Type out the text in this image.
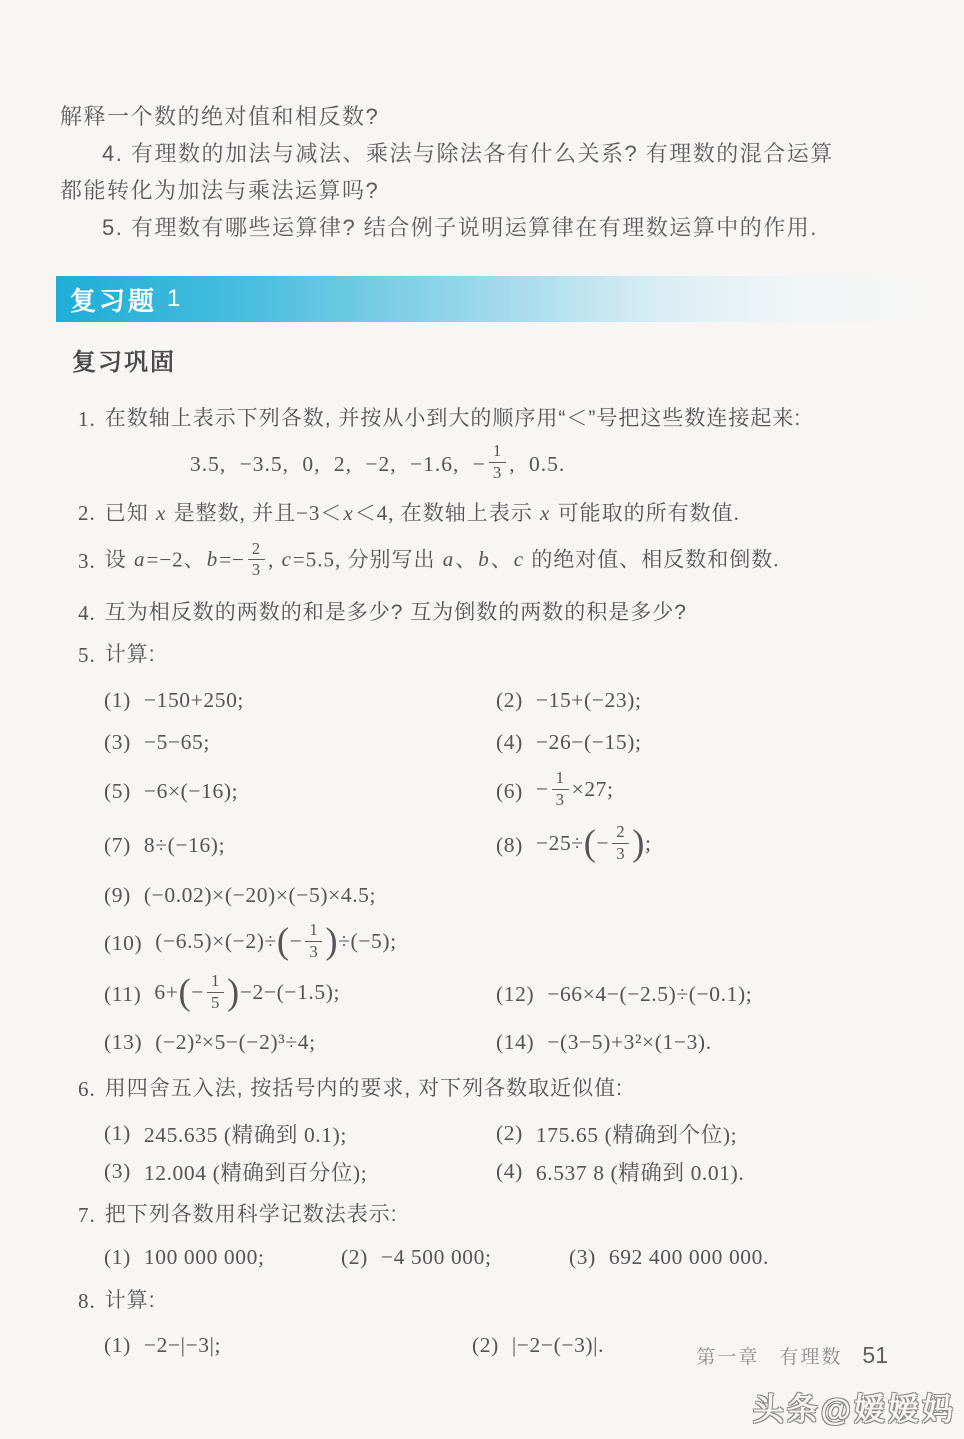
解释一个数的绝对值和相反数?
4. 有理数的加法与减法、乘法与除法各有什么关系? 有理数的混合运算
都能转化为加法与乘法运算吗?
5. 有理数有哪些运算律? 结合例子说明运算律在有理数运算中的作用.
复习题 1
复习巩固
1. 在数轴上表示下列各数, 并按从小到大的顺序用“＜”号把这些数连接起来:
3.5, −3.5, 0, 2, −2, −1.6, − $\frac{1}{3}$ , 0.5.
2. 已知 x 是整数, 并且−3＜x＜4, 在数轴上表示 x 可能取的所有数值.
3. 设 a=−2、$b=- \frac{2}{3}$ , c=5.5, 分别写出 a、b、c 的绝对值、相反数和倒数.
4. 互为相反数的两数的和是多少? 互为倒数的两数的积是多少?
5. 计算:
(1) −150+250;	(2) −15+(−23);
(3) −5−65;	(4) −26−(−15);
(5) −6×(−16);	$(6) - \frac{1}{3} \times 27$;
(7) 8÷(−16);	$(8) -25\div(- \frac{2}{3}$ );
(9) (−0.02)×(−20)×(−5)×4.5;
(10) $(-6.5)\times(-2)\div(- \frac{1}{3} )\div(-5)$;
(11) $6+(- \frac{1}{5} )-2-(-1.5)$;	(12) −66×4−(−2.5)÷(−0.1);
(13) (−2)²×5−(−2)³÷4;	(14) −(3−5)+3²×(1−3).
6. 用四舍五入法, 按括号内的要求, 对下列各数取近似值:
(1) 245.635 (精确到 0.1);	(2) 175.65 (精确到个位);
(3) 12.004 (精确到百分位);	(4) 6.537 8 (精确到 0.01).
7. 把下列各数用科学记数法表示:
(1) 100 000 000;	(2) −4 500 000;	(3) 692 400 000 000.
8. 计算:
(1) −2−|−3|;	(2) |−2−(−3)|.
第一章 有理数 51
头条@嫒嫒妈
